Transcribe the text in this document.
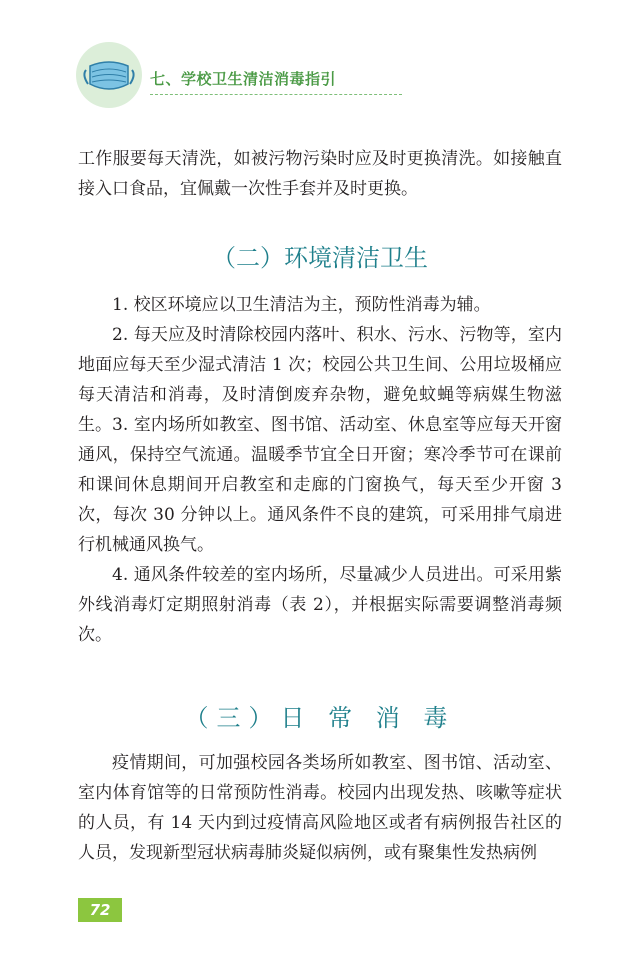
七、学校卫生清洁消毒指引

工作服要每天清洗，如被污物污染时应及时更换清洗。如接触直接入口食品，宜佩戴一次性手套并及时更换。

（二）环境清洁卫生

1. 校区环境应以卫生清洁为主，预防性消毒为辅。

2. 每天应及时清除校园内落叶、积水、污水、污物等，室内地面应每天至少湿式清洁 1 次；校园公共卫生间、公用垃圾桶应每天清洁和消毒，及时清倒废弃杂物，避免蚊蝇等病媒生物滋生。 3. 室内场所如教室、图书馆、活动室、休息室等应每天开窗通风，保持空气流通。温暖季节宜全日开窗；寒冷季节可在课前和课间休息期间开启教室和走廊的门窗换气，每天至少开窗 3 次，每次 30 分钟以上。通风条件不良的建筑，可采用排气扇进行机械通风换气。

4. 通风条件较差的室内场所，尽量减少人员进出。可采用紫外线消毒灯定期照射消毒（表 2），并根据实际需要调整消毒频次。

（三）日 常 消 毒

疫情期间，可加强校园各类场所如教室、图书馆、活动室、室内体育馆等的日常预防性消毒。校园内出现发热、咳嗽等症状的人员，有 14 天内到过疫情高风险地区或者有病例报告社区的人员，发现新型冠状病毒肺炎疑似病例，或有聚集性发热病例

72
